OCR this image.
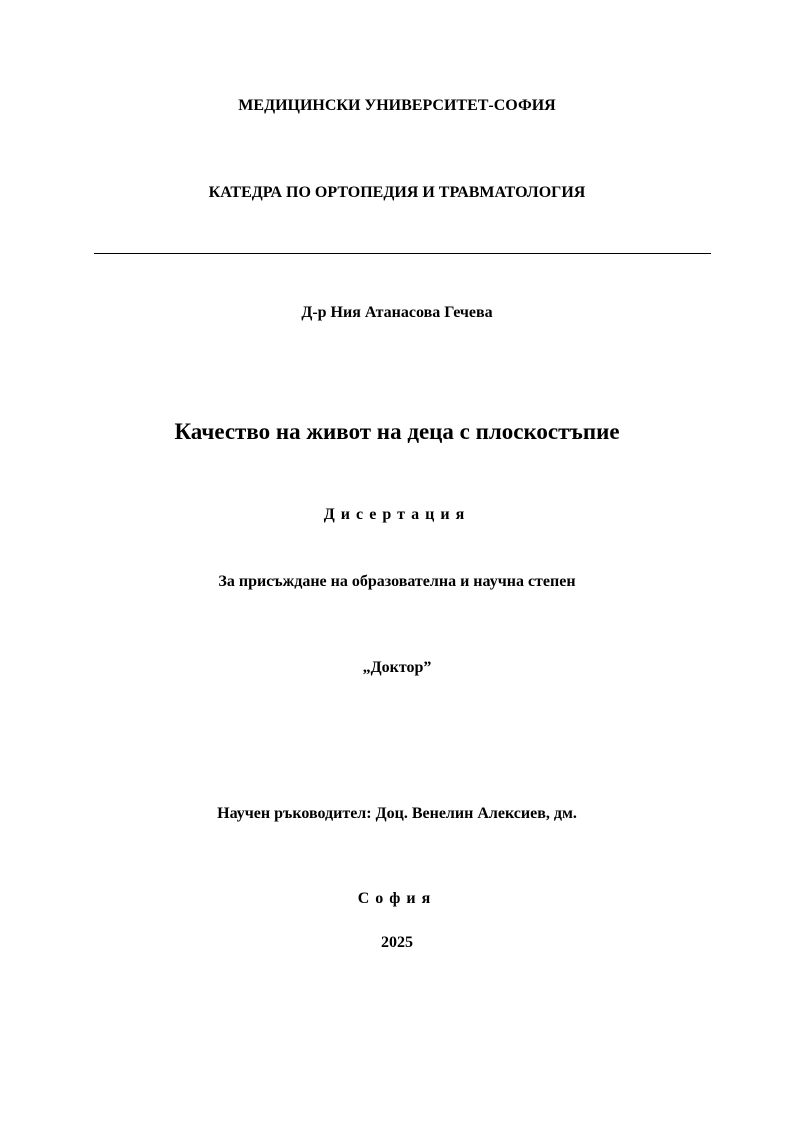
МЕДИЦИНСКИ УНИВЕРСИТЕТ-СОФИЯ
КАТЕДРА ПО ОРТОПЕДИЯ И ТРАВМАТОЛОГИЯ
Д-р Ния Атанасова Гечева
Качество на живот на деца с плоскостъпие
Дисертация
За присъждане на образователна и научна степен
„Доктор”
Научен ръководител: Доц. Венелин Алексиев, дм.
София
2025
